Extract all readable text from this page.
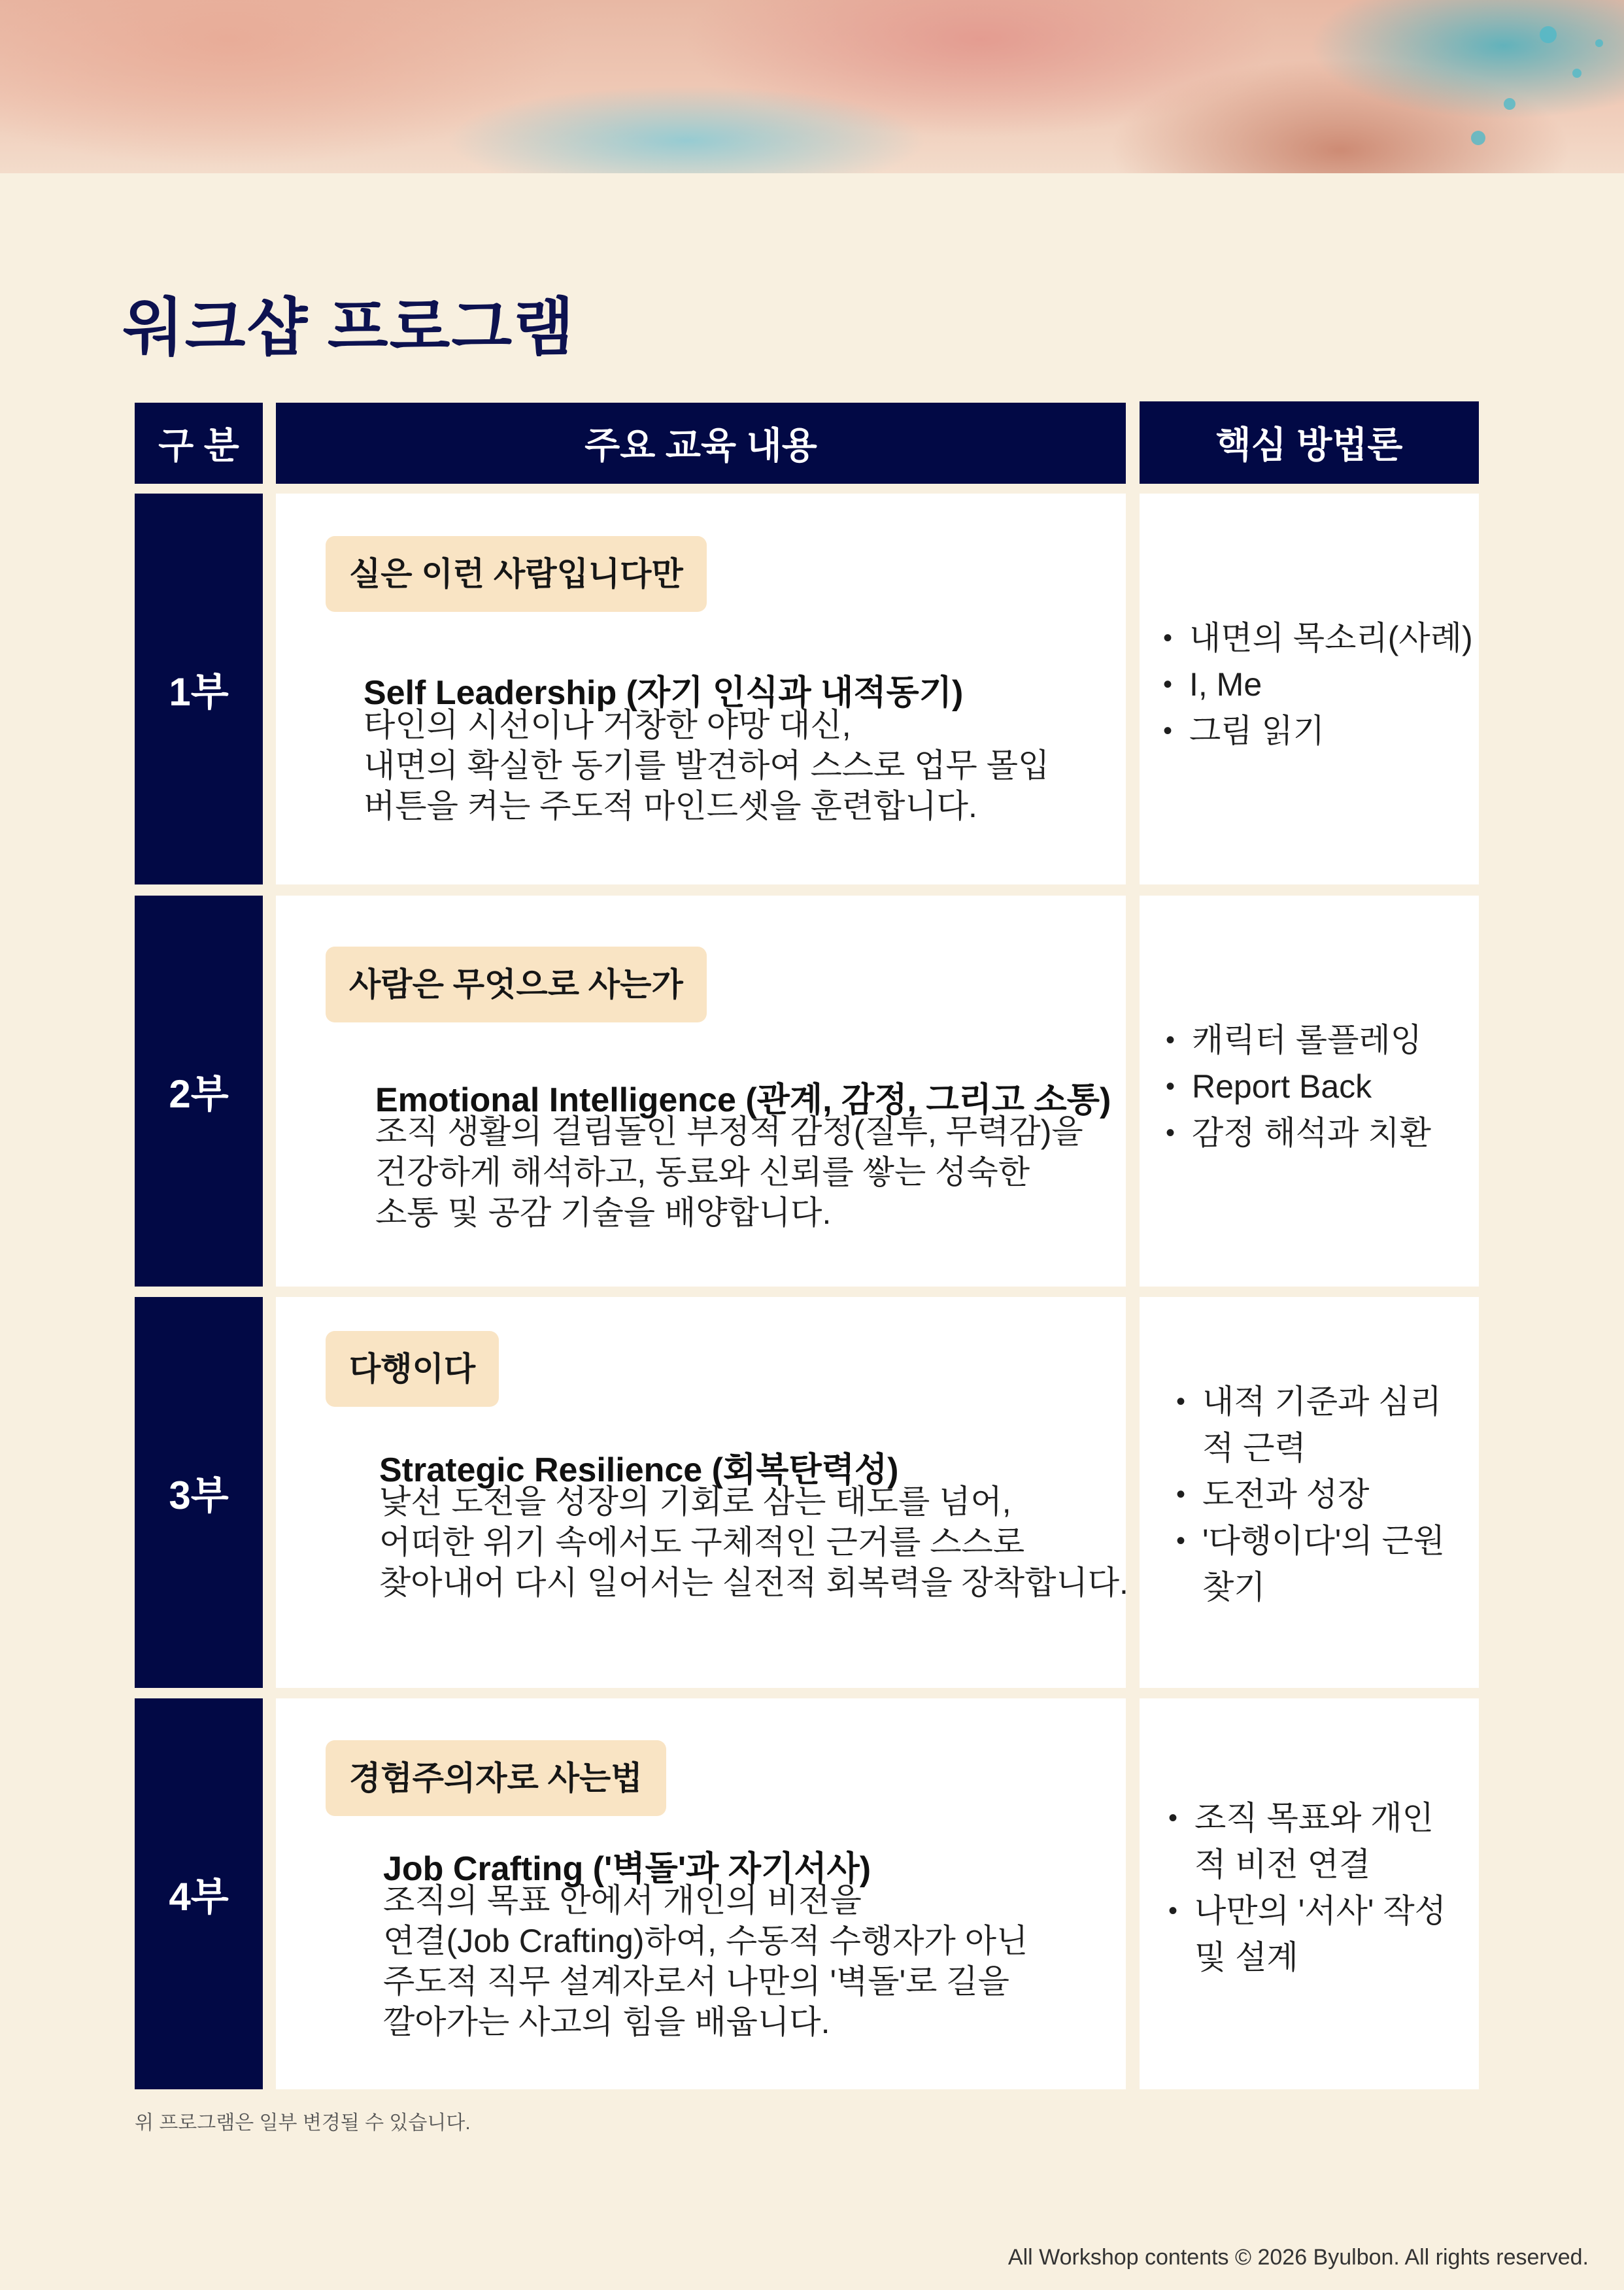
워크샵 프로그램
구 분	주요 교육 내용	핵심 방법론
1부
실은 이런 사람입니다만
Self Leadership (자기 인식과 내적동기)
타인의 시선이나 거창한 야망 대신,
내면의 확실한 동기를 발견하여 스스로 업무 몰입
버튼을 켜는 주도적 마인드셋을 훈련합니다.
• 내면의 목소리(사례)
• I, Me
• 그림 읽기
2부
사람은 무엇으로 사는가
Emotional Intelligence (관계, 감정, 그리고 소통)
조직 생활의 걸림돌인 부정적 감정(질투, 무력감)을
건강하게 해석하고, 동료와 신뢰를 쌓는 성숙한
소통 및 공감 기술을 배양합니다.
• 캐릭터 롤플레잉
• Report Back
• 감정 해석과 치환
3부
다행이다
Strategic Resilience (회복탄력성)
낯선 도전을 성장의 기회로 삼는 태도를 넘어,
어떠한 위기 속에서도 구체적인 근거를 스스로
찾아내어 다시 일어서는 실전적 회복력을 장착합니다.
• 내적 기준과 심리적 근력
• 도전과 성장
• '다행이다'의 근원 찾기
4부
경험주의자로 사는법
Job Crafting ('벽돌'과 자기서사)
조직의 목표 안에서 개인의 비전을
연결(Job Crafting)하여, 수동적 수행자가 아닌
주도적 직무 설계자로서 나만의 '벽돌'로 길을
깔아가는 사고의 힘을 배웁니다.
• 조직 목표와 개인적 비전 연결
• 나만의 '서사' 작성 및 설계

위 프로그램은 일부 변경될 수 있습니다.

All Workshop contents © 2026 Byulbon. All rights reserved.
